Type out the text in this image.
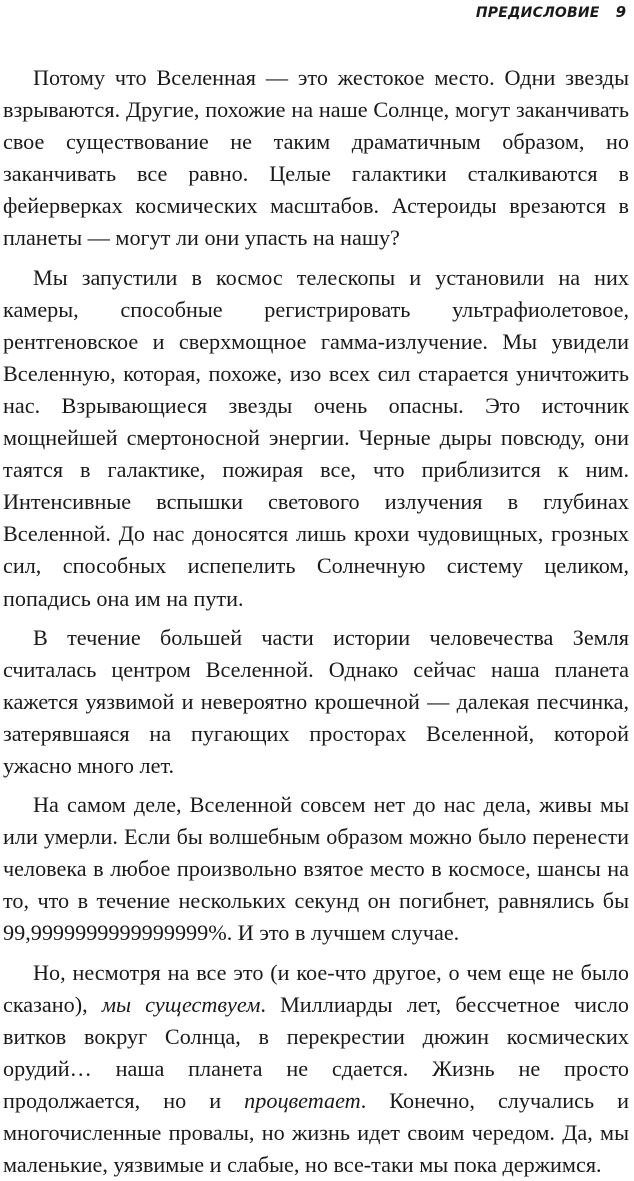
ПРЕДИСЛОВИЕ 9

Потому что Вселенная — это жестокое место. Одни звезды взрываются. Другие, похожие на наше Солнце, могут заканчивать свое существование не таким драматичным образом, но заканчивать все равно. Целые галактики сталкиваются в фейерверках космических масштабов. Астероиды врезаются в планеты — могут ли они упасть на нашу?

Мы запустили в космос телескопы и установили на них камеры, способные регистрировать ультрафиолетовое, рентгеновское и сверхмощное гамма-излучение. Мы увидели Вселенную, которая, похоже, изо всех сил старается уничтожить нас. Взрывающиеся звезды очень опасны. Это источник мощнейшей смертоносной энергии. Черные дыры повсюду, они таятся в галактике, пожирая все, что приблизится к ним. Интенсивные вспышки светового излучения в глубинах Вселенной. До нас доносятся лишь крохи чудовищных, грозных сил, способных испепелить Солнечную систему целиком, попадись она им на пути.

В течение большей части истории человечества Земля считалась центром Вселенной. Однако сейчас наша планета кажется уязвимой и невероятно крошечной — далекая песчинка, затерявшаяся на пугающих просторах Вселенной, которой ужасно много лет.

На самом деле, Вселенной совсем нет до нас дела, живы мы или умерли. Если бы волшебным образом можно было перенести человека в любое произвольно взятое место в космосе, шансы на то, что в течение нескольких секунд он погибнет, равнялись бы 99,9999999999999999%. И это в лучшем случае.

Но, несмотря на все это (и кое-что другое, о чем еще не было сказано), мы существуем. Миллиарды лет, бессчетное число витков вокруг Солнца, в перекрестии дюжин космических орудий… наша планета не сдается. Жизнь не просто продолжается, но и процветает. Конечно, случались и многочисленные провалы, но жизнь идет своим чередом. Да, мы маленькие, уязвимые и слабые, но все-таки мы пока держимся.
